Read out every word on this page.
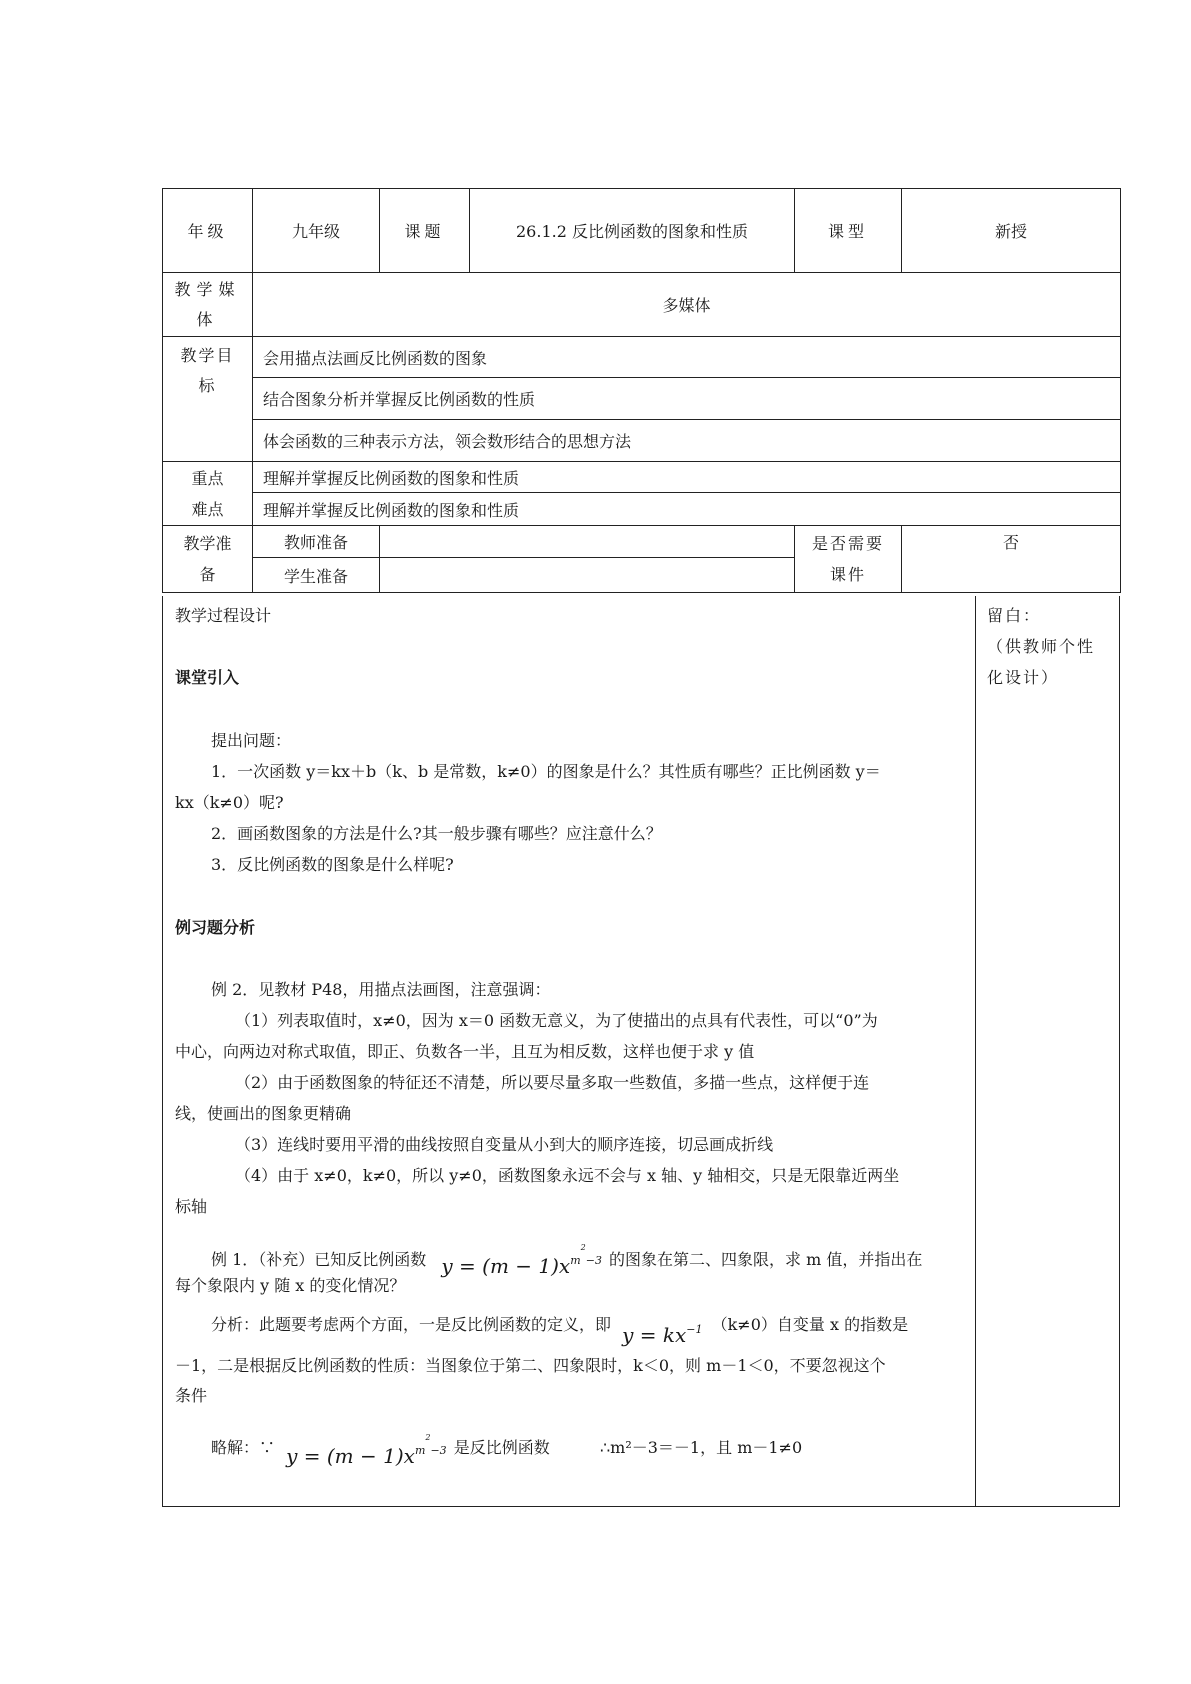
年级	九年级	课题	26.1.2 反比例函数的图象和性质	课型	新授
教学媒体	多媒体				
教学目标	会用描点法画反比例函数的图象				
	结合图象分析并掌握反比例函数的性质				
	体会函数的三种表示方法，领会数形结合的思想方法				
重点	理解并掌握反比例函数的图象和性质				
难点	理解并掌握反比例函数的图象和性质				
教学准备	教师准备			是否需要课件	否
	学生准备				
教学过程设计
课堂引入
提出问题：
1．一次函数 y＝kx＋b（k、b 是常数，k≠0）的图象是什么？其性质有哪些？正比例函数 y＝
kx（k≠0）呢?
2．画函数图象的方法是什么?其一般步骤有哪些？应注意什么？
3．反比例函数的图象是什么样呢?
例习题分析
例 2．见教材 P48，用描点法画图，注意强调：
（1）列表取值时，x≠0，因为 x＝0 函数无意义，为了使描出的点具有代表性，可以“0”为
中心，向两边对称式取值，即正、负数各一半，且互为相反数，这样也便于求 y 值
（2）由于函数图象的特征还不清楚，所以要尽量多取一些数值，多描一些点，这样便于连
线，使画出的图象更精确
（3）连线时要用平滑的曲线按照自变量从小到大的顺序连接，切忌画成折线
（4）由于 x≠0，k≠0，所以 y≠0，函数图象永远不会与 x 轴、y 轴相交，只是无限靠近两坐
标轴
例 1．（补充）已知反比例函数 $y = (m - 1)x^{m^2-3}$ 的图象在第二、四象限，求 m 值，并指出在
每个象限内 y 随 x 的变化情况？
分析：此题要考虑两个方面，一是反比例函数的定义，即 $y = kx^{-1}$ （k≠0）自变量 x 的指数是
－1，二是根据反比例函数的性质：当图象位于第二、四象限时，k＜0，则 m－1＜0，不要忽视这个
条件
略解：∵ $y = (m - 1)x^{m^2-3}$ 是反比例函数	∴m²－3＝－1，且 m－1≠0
留白：
（供教师个性化设计）
